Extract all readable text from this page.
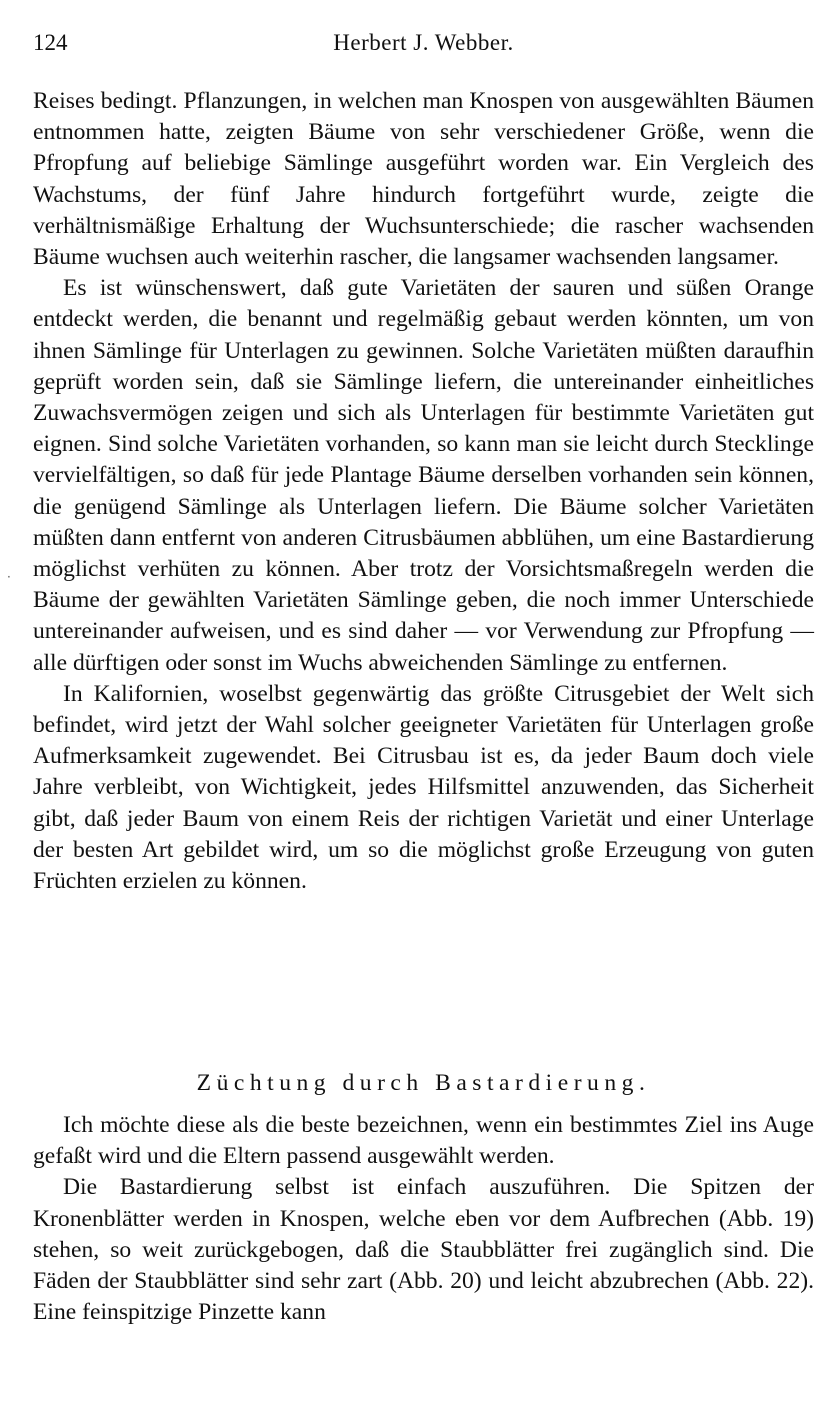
124	Herbert J. Webber.

Reises bedingt. Pflanzungen, in welchen man Knospen von ausgewählten Bäumen entnommen hatte, zeigten Bäume von sehr verschiedener Größe, wenn die Pfropfung auf beliebige Sämlinge ausgeführt worden war. Ein Vergleich des Wachstums, der fünf Jahre hindurch fortgeführt wurde, zeigte die verhältnismäßige Erhaltung der Wuchsunterschiede; die rascher wachsenden Bäume wuchsen auch weiterhin rascher, die langsamer wachsenden langsamer.

Es ist wünschenswert, daß gute Varietäten der sauren und süßen Orange entdeckt werden, die benannt und regelmäßig gebaut werden könnten, um von ihnen Sämlinge für Unterlagen zu gewinnen. Solche Varietäten müßten daraufhin geprüft worden sein, daß sie Sämlinge liefern, die untereinander einheitliches Zuwachsvermögen zeigen und sich als Unterlagen für bestimmte Varietäten gut eignen. Sind solche Varietäten vorhanden, so kann man sie leicht durch Stecklinge vervielfältigen, so daß für jede Plantage Bäume derselben vorhanden sein können, die genügend Sämlinge als Unterlagen liefern. Die Bäume solcher Varietäten müßten dann entfernt von anderen Citrusbäumen abblühen, um eine Bastardierung möglichst verhüten zu können. Aber trotz der Vorsichtsmaßregeln werden die Bäume der gewählten Varietäten Sämlinge geben, die noch immer Unterschiede untereinander aufweisen, und es sind daher — vor Verwendung zur Pfropfung — alle dürftigen oder sonst im Wuchs abweichenden Sämlinge zu entfernen.

In Kalifornien, woselbst gegenwärtig das größte Citrusgebiet der Welt sich befindet, wird jetzt der Wahl solcher geeigneter Varietäten für Unterlagen große Aufmerksamkeit zugewendet. Bei Citrusbau ist es, da jeder Baum doch viele Jahre verbleibt, von Wichtigkeit, jedes Hilfsmittel anzuwenden, das Sicherheit gibt, daß jeder Baum von einem Reis der richtigen Varietät und einer Unterlage der besten Art gebildet wird, um so die möglichst große Erzeugung von guten Früchten erzielen zu können.

Züchtung durch Bastardierung.

Ich möchte diese als die beste bezeichnen, wenn ein bestimmtes Ziel ins Auge gefaßt wird und die Eltern passend ausgewählt werden.

Die Bastardierung selbst ist einfach auszuführen. Die Spitzen der Kronenblätter werden in Knospen, welche eben vor dem Aufbrechen (Abb. 19) stehen, so weit zurückgebogen, daß die Staubblätter frei zugänglich sind. Die Fäden der Staubblätter sind sehr zart (Abb. 20) und leicht abzubrechen (Abb. 22). Eine feinspitzige Pinzette kann

·
